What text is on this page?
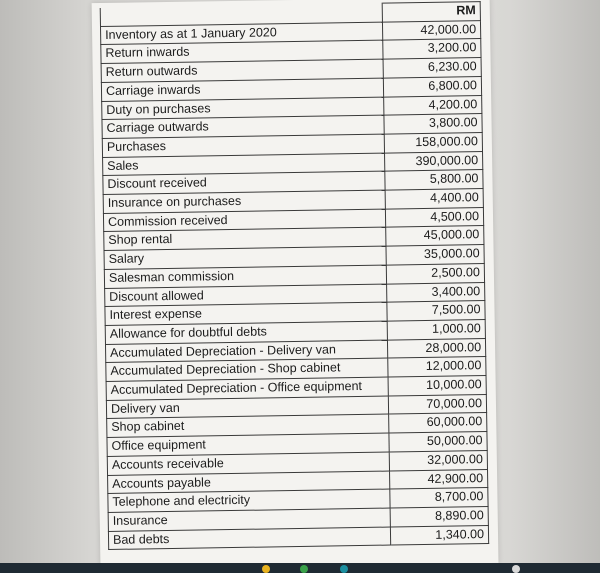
	RM
Inventory as at 1 January 2020	42,000.00
Return inwards	3,200.00
Return outwards	6,230.00
Carriage inwards	6,800.00
Duty on purchases	4,200.00
Carriage outwards	3,800.00
Purchases	158,000.00
Sales	390,000.00
Discount received	5,800.00
Insurance on purchases	4,400.00
Commission received	4,500.00
Shop rental	45,000.00
Salary	35,000.00
Salesman commission	2,500.00
Discount allowed	3,400.00
Interest expense	7,500.00
Allowance for doubtful debts	1,000.00
Accumulated Depreciation - Delivery van	28,000.00
Accumulated Depreciation - Shop cabinet	12,000.00
Accumulated Depreciation - Office equipment	10,000.00
Delivery van	70,000.00
Shop cabinet	60,000.00
Office equipment	50,000.00
Accounts receivable	32,000.00
Accounts payable	42,900.00
Telephone and electricity	8,700.00
Insurance	8,890.00
Bad debts	1,340.00
